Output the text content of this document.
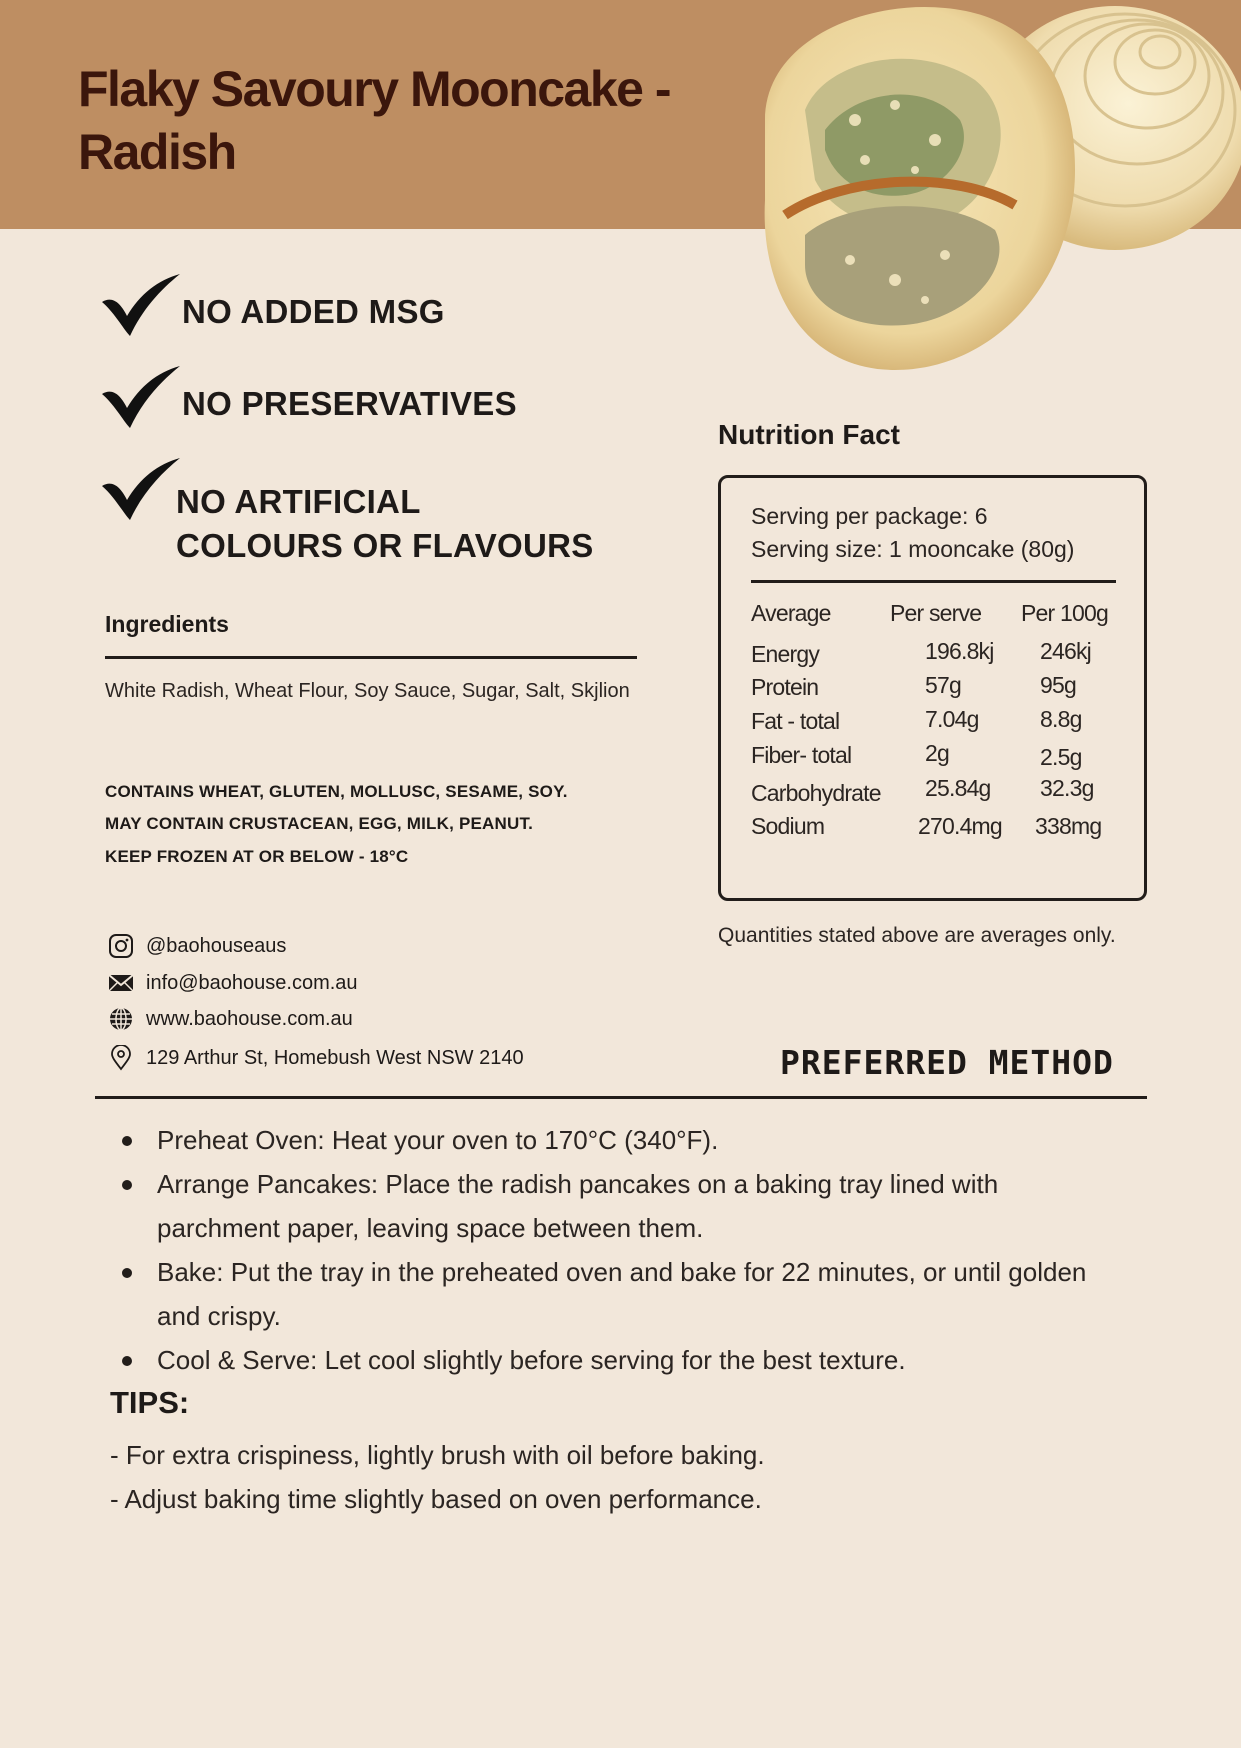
Flaky Savoury Mooncake - Radish
NO ADDED MSG
NO PRESERVATIVES
NO ARTIFICIAL COLOURS OR FLAVOURS
Ingredients
White Radish, Wheat Flour, Soy Sauce, Sugar, Salt, Skjlion
CONTAINS WHEAT, GLUTEN, MOLLUSC, SESAME, SOY.
MAY CONTAIN CRUSTACEAN, EGG, MILK, PEANUT.
KEEP FROZEN AT OR BELOW - 18°C
@baohouseaus
info@baohouse.com.au
www.baohouse.com.au
129 Arthur St, Homebush West NSW 2140
Nutrition Fact
Serving per package: 6
Serving size: 1 mooncake (80g)
Average	Per serve Per 100g
Energy	196.8kj 246kj
Protein	57g	95g
Fat - total	7.04g	8.8g
Fiber- total	2g	2.5g
Carbohydrate 25.84g 32.3g
Sodium	270.4mg 338mg
Quantities stated above are averages only.
PREFERRED METHOD
Preheat Oven: Heat your oven to 170°C (340°F).
Arrange Pancakes: Place the radish pancakes on a baking tray lined with parchment paper, leaving space between them.
Bake: Put the tray in the preheated oven and bake for 22 minutes, or until golden and crispy.
Cool & Serve: Let cool slightly before serving for the best texture.
TIPS:
- For extra crispiness, lightly brush with oil before baking.
- Adjust baking time slightly based on oven performance.
